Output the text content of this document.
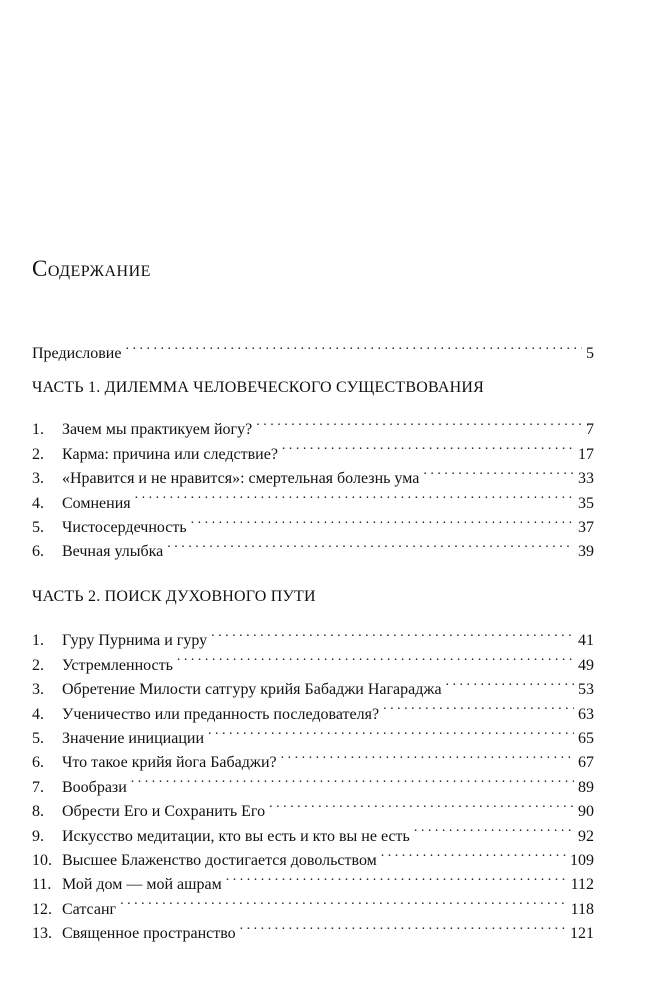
Содержание
Предисловие . . .	5
ЧАСТЬ 1. ДИЛЕММА ЧЕЛОВЕЧЕСКОГО СУЩЕСТВОВАНИЯ
1.	Зачем мы практикуем йогу? . . .	7
2.	Карма: причина или следствие? . . .	17
3.	«Нравится и не нравится»: смертельная болезнь ума . . .	33
4.	Сомнения . . .	35
5.	Чистосердечность . . .	37
6.	Вечная улыбка . . .	39
ЧАСТЬ 2. ПОИСК ДУХОВНОГО ПУТИ
1.	Гуру Пурнима и гуру . . .	41
2.	Устремленность . . .	49
3.	Обретение Милости сатгуру крийя Бабаджи Нагараджа . . .	53
4.	Ученичество или преданность последователя? . . .	63
5.	Значение инициации . . .	65
6.	Что такое крийя йога Бабаджи? . . .	67
7.	Вообрази . . .	89
8.	Обрести Его и Сохранить Его . . .	90
9.	Искусство медитации, кто вы есть и кто вы не есть . . .	92
10. Высшее Блаженство достигается довольством . . .	109
11. Мой дом — мой ашрам . . .	112
12. Сатсанг . . .	118
13. Священное пространство . . .	121
